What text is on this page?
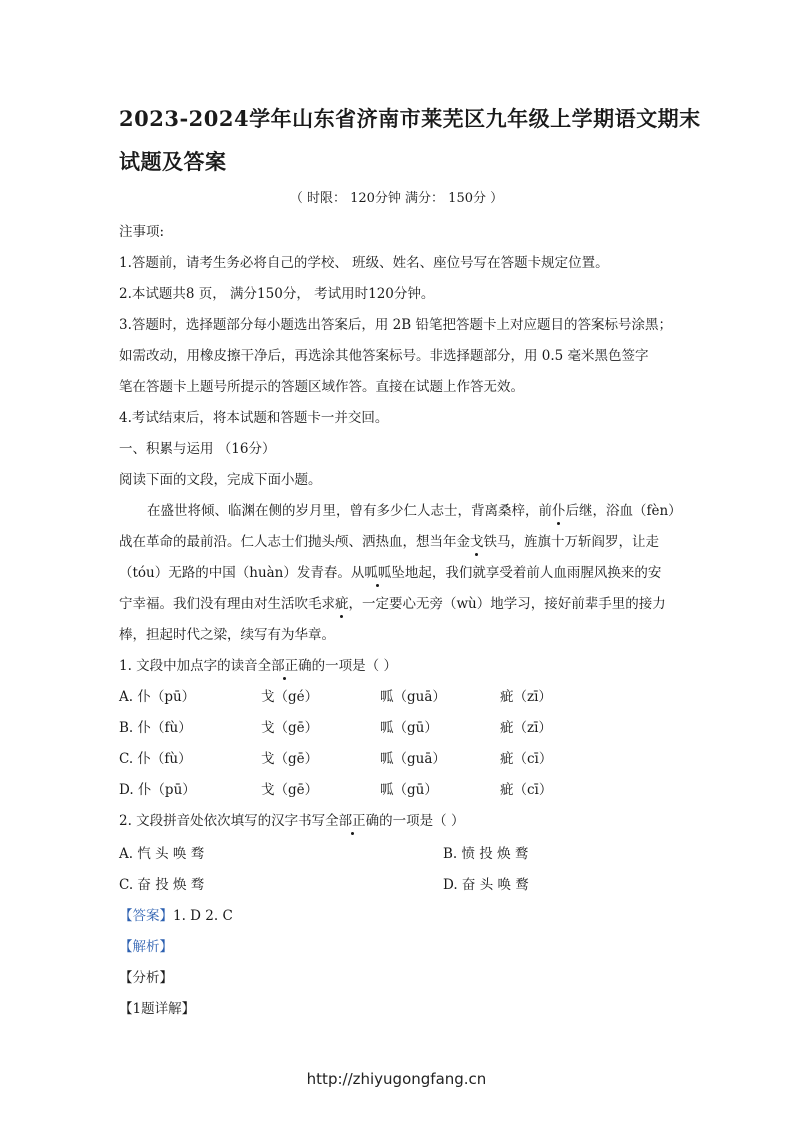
2023-2024学年山东省济南市莱芜区九年级上学期语文期末
试题及答案
（ 时限： 120分钟 满分： 150分 ）
注事项:
1.答题前，请考生务必将自己的学校、 班级、姓名、座位号写在答题卡规定位置。
2.本试题共8 页， 满分150分， 考试用时120分钟。
3.答题时，选择题部分每小题选出答案后，用 2B 铅笔把答题卡上对应题目的答案标号涂黑；
如需改动，用橡皮擦干净后，再选涂其他答案标号。非选择题部分，用 0.5 毫米黑色签字
笔在答题卡上题号所提示的答题区域作答。直接在试题上作答无效。
4.考试结束后，将本试题和答题卡一并交回。
一、积累与运用 （16分）
阅读下面的文段，完成下面小题。
在盛世将倾、临渊在侧的岁月里，曾有多少仁人志士，背离桑梓，前仆后继，浴血（fèn）
战在革命的最前沿。仁人志士们抛头颅、洒热血，想当年金戈铁马，旌旗十万斩阎罗，让走
（tóu）无路的中国（huàn）发青春。从呱呱坠地起，我们就享受着前人血雨腥风换来的安
宁幸福。我们没有理由对生活吹毛求疵，一定要心无旁（wù）地学习，接好前辈手里的接力
棒，担起时代之梁，续写有为华章。
1. 文段中加点字的读音全部正确的一项是（ ）
A. 仆（pū）	戈（gé）	呱（guā）	疵（zī）
B. 仆（fù）	戈（gē）	呱（gū）	疵（zī）
C. 仆（fù）	戈（gē）	呱（guā）	疵（cī）
D. 仆（pū）	戈（gē）	呱（gū）	疵（cī）
2. 文段拼音处依次填写的汉字书写全部正确的一项是（ ）
A. 忾 头 唤 骛	B. 愤 投 焕 鹜
C. 奋 投 焕 骛	D. 奋 头 唤 鹜
【答案】1. D 2. C
【解析】
【分析】
【1题详解】
http://zhiyugongfang.cn
